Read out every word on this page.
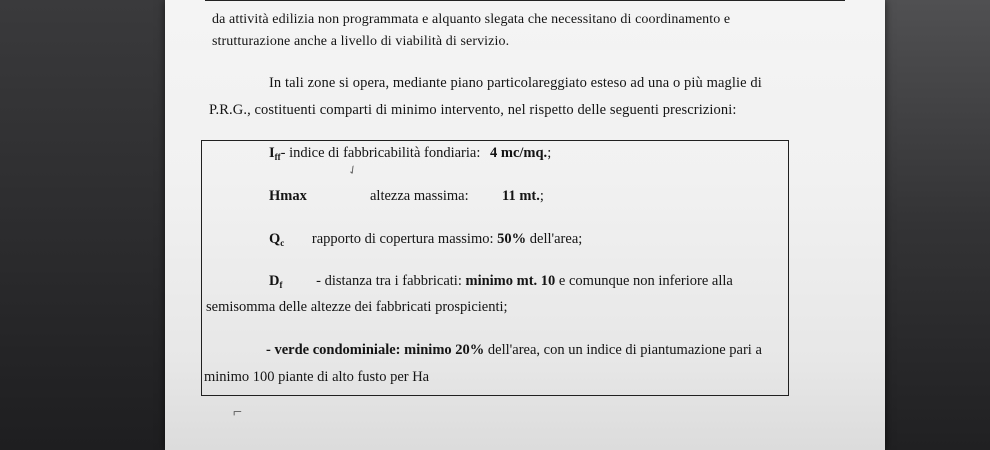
da attività edilizia non programmata e alquanto slegata che necessitano di coordinamento e
strutturazione anche a livello di viabilità di servizio.
In tali zone si opera, mediante piano particolareggiato esteso ad una o più maglie di
P.R.G., costituenti comparti di minimo intervento, nel rispetto delle seguenti prescrizioni:
$I_{ff}-$ indice di fabbricabilità fondiaria: 4 mc/mq.;
Hmax	altezza massima: 11 mt.;
$Q_c$ rapporto di copertura massimo: 50% dell'area;
$D_f$ - distanza tra i fabbricati: minimo mt. 10 e comunque non inferiore alla
semisomma delle altezze dei fabbricati prospicienti;
- verde condominiale: minimo 20% dell'area, con un indice di piantumazione pari a
minimo 100 piante di alto fusto per Ha
✓
⌐
